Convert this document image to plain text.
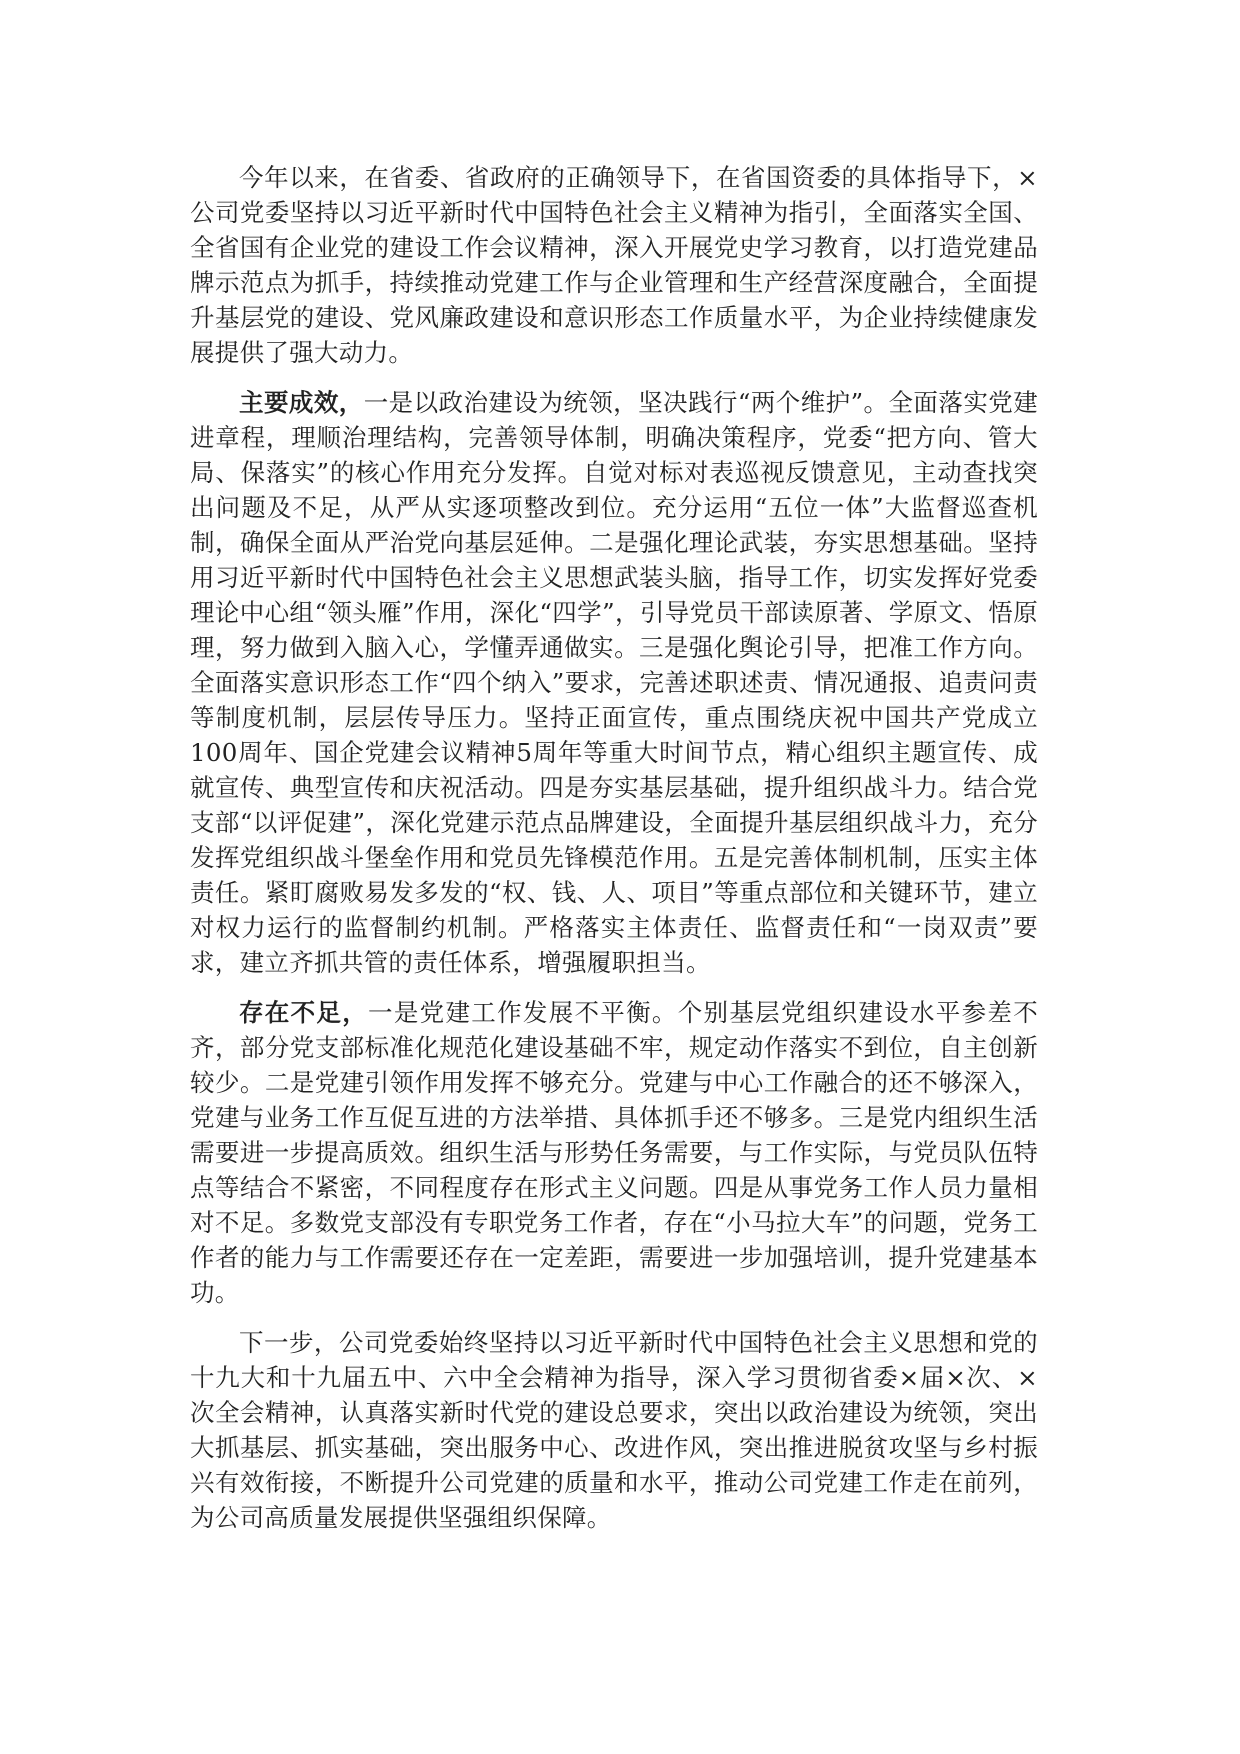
今年以来，在省委、省政府的正确领导下，在省国资委的具体指导下，×公司党委坚持以习近平新时代中国特色社会主义精神为指引，全面落实全国、全省国有企业党的建设工作会议精神，深入开展党史学习教育，以打造党建品牌示范点为抓手，持续推动党建工作与企业管理和生产经营深度融合，全面提升基层党的建设、党风廉政建设和意识形态工作质量水平，为企业持续健康发展提供了强大动力。

主要成效，一是以政治建设为统领，坚决践行“两个维护”。全面落实党建进章程，理顺治理结构，完善领导体制，明确决策程序，党委“把方向、管大局、保落实”的核心作用充分发挥。自觉对标对表巡视反馈意见，主动查找突出问题及不足，从严从实逐项整改到位。充分运用“五位一体”大监督巡查机制，确保全面从严治党向基层延伸。二是强化理论武装，夯实思想基础。坚持用习近平新时代中国特色社会主义思想武装头脑，指导工作，切实发挥好党委理论中心组“领头雁”作用，深化“四学”，引导党员干部读原著、学原文、悟原理，努力做到入脑入心，学懂弄通做实。三是强化舆论引导，把准工作方向。全面落实意识形态工作“四个纳入”要求，完善述职述责、情况通报、追责问责等制度机制，层层传导压力。坚持正面宣传，重点围绕庆祝中国共产党成立100周年、国企党建会议精神5周年等重大时间节点，精心组织主题宣传、成就宣传、典型宣传和庆祝活动。四是夯实基层基础，提升组织战斗力。结合党支部“以评促建”，深化党建示范点品牌建设，全面提升基层组织战斗力，充分发挥党组织战斗堡垒作用和党员先锋模范作用。五是完善体制机制，压实主体责任。紧盯腐败易发多发的“权、钱、人、项目”等重点部位和关键环节，建立对权力运行的监督制约机制。严格落实主体责任、监督责任和“一岗双责”要求，建立齐抓共管的责任体系，增强履职担当。

存在不足，一是党建工作发展不平衡。个别基层党组织建设水平参差不齐，部分党支部标准化规范化建设基础不牢，规定动作落实不到位，自主创新较少。二是党建引领作用发挥不够充分。党建与中心工作融合的还不够深入，党建与业务工作互促互进的方法举措、具体抓手还不够多。三是党内组织生活需要进一步提高质效。组织生活与形势任务需要，与工作实际，与党员队伍特点等结合不紧密，不同程度存在形式主义问题。四是从事党务工作人员力量相对不足。多数党支部没有专职党务工作者，存在“小马拉大车”的问题，党务工作者的能力与工作需要还存在一定差距，需要进一步加强培训，提升党建基本功。

下一步，公司党委始终坚持以习近平新时代中国特色社会主义思想和党的十九大和十九届五中、六中全会精神为指导，深入学习贯彻省委×届×次、×次全会精神，认真落实新时代党的建设总要求，突出以政治建设为统领，突出大抓基层、抓实基础，突出服务中心、改进作风，突出推进脱贫攻坚与乡村振兴有效衔接，不断提升公司党建的质量和水平，推动公司党建工作走在前列，为公司高质量发展提供坚强组织保障。
